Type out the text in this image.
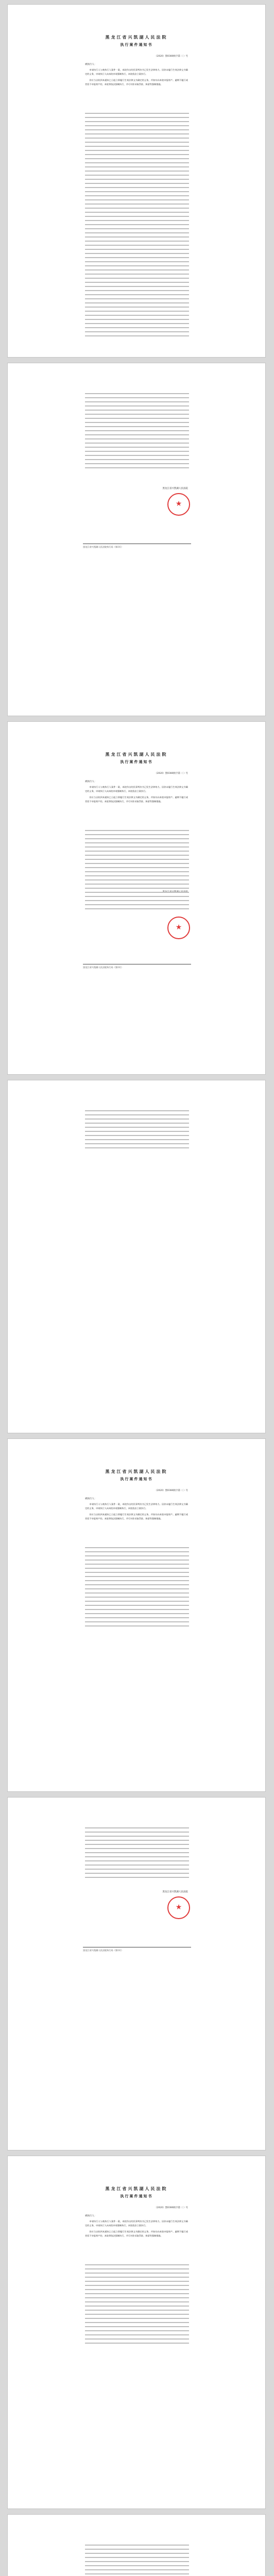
黑龙江省兴凯湖人民法院
执行案件通知书
（2020）黑0380执字第（ ）号
被执行人：

申请执行人与被执行人案件一案，本院作出的民事判决书已发生法律效力。因你未履行生效法律文书确定的义务，申请执行人向本院申请强制执行，本院依法立案执行。

你应当自收到本通知之日起立即履行生效法律文书确定的义务，并如实向本院申报财产。逾期不履行或者拒不申报财产的，本院将依法强制执行，并可对你采取罚款、拘留等强制措施。

黑龙江省兴凯湖人民法院
★
黑龙江省兴凯湖人民法院执行局（第1页）
黑龙江省兴凯湖人民法院
执行案件通知书
（2020）黑0380执字第（ ）号
被执行人：

申请执行人与被执行人案件一案，本院作出的民事判决书已发生法律效力。因你未履行生效法律文书确定的义务，申请执行人向本院申请强制执行，本院依法立案执行。

你应当自收到本通知之日起立即履行生效法律文书确定的义务，并如实向本院申报财产。逾期不履行或者拒不申报财产的，本院将依法强制执行，并可对你采取罚款、拘留等强制措施。

★
黑龙江省兴凯湖人民法院执行局（第1页）
黑龙江省兴凯湖人民法院
执行案件通知书
（2020）黑0380执字第（ ）号
被执行人：

申请执行人与被执行人案件一案，本院作出的民事判决书已发生法律效力。因你未履行生效法律文书确定的义务，申请执行人向本院申请强制执行，本院依法立案执行。

你应当自收到本通知之日起立即履行生效法律文书确定的义务，并如实向本院申报财产。逾期不履行或者拒不申报财产的，本院将依法强制执行，并可对你采取罚款、拘留等强制措施。

黑龙江省兴凯湖人民法院
★
黑龙江省兴凯湖人民法院执行局（第1页）
黑龙江省兴凯湖人民法院
执行案件通知书
（2020）黑0380执字第（ ）号
被执行人：

申请执行人与被执行人案件一案，本院作出的民事判决书已发生法律效力。因你未履行生效法律文书确定的义务，申请执行人向本院申请强制执行，本院依法立案执行。

你应当自收到本通知之日起立即履行生效法律文书确定的义务，并如实向本院申报财产。逾期不履行或者拒不申报财产的，本院将依法强制执行，并可对你采取罚款、拘留等强制措施。
